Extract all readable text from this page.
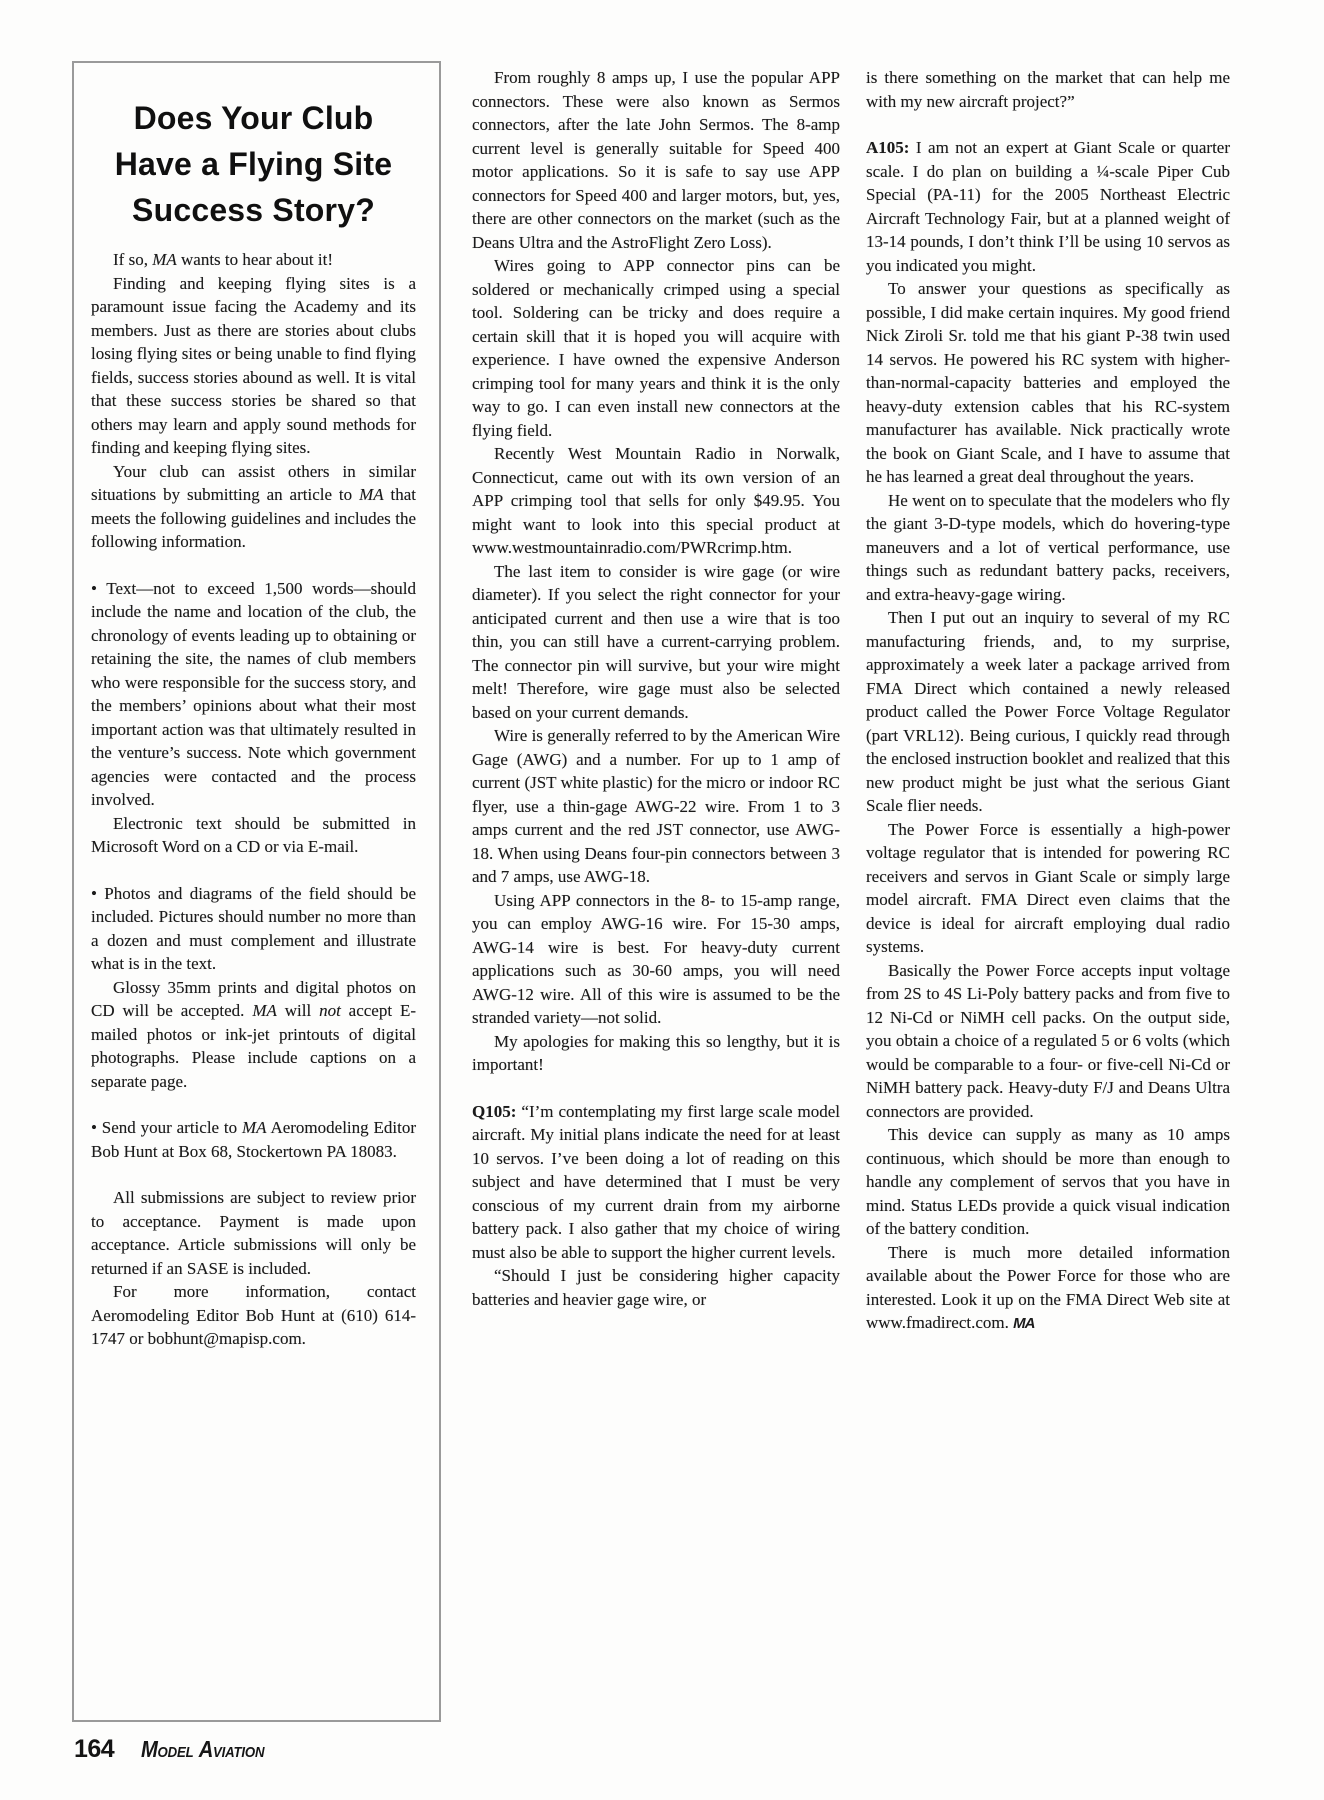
Does Your Club
Have a Flying Site
Success Story?

If so, MA wants to hear about it!

Finding and keeping flying sites is a paramount issue facing the Academy and its members. Just as there are stories about clubs losing flying sites or being unable to find flying fields, success stories abound as well. It is vital that these success stories be shared so that others may learn and apply sound methods for finding and keeping flying sites.

Your club can assist others in similar situations by submitting an article to MA that meets the following guidelines and includes the following information.

• Text—not to exceed 1,500 words—should include the name and location of the club, the chronology of events leading up to obtaining or retaining the site, the names of club members who were responsible for the success story, and the members’ opinions about what their most important action was that ultimately resulted in the venture’s success. Note which government agencies were contacted and the process involved.

Electronic text should be submitted in Microsoft Word on a CD or via E-mail.

• Photos and diagrams of the field should be included. Pictures should number no more than a dozen and must complement and illustrate what is in the text.

Glossy 35mm prints and digital photos on CD will be accepted. MA will not accept E-mailed photos or ink-jet printouts of digital photographs. Please include captions on a separate page.

• Send your article to MA Aeromodeling Editor Bob Hunt at Box 68, Stockertown PA 18083.

All submissions are subject to review prior to acceptance. Payment is made upon acceptance. Article submissions will only be returned if an SASE is included.

For more information, contact Aeromodeling Editor Bob Hunt at (610) 614-1747 or bobhunt@mapisp.com.

From roughly 8 amps up, I use the popular APP connectors. These were also known as Sermos connectors, after the late John Sermos. The 8-amp current level is generally suitable for Speed 400 motor applications. So it is safe to say use APP connectors for Speed 400 and larger motors, but, yes, there are other connectors on the market (such as the Deans Ultra and the AstroFlight Zero Loss).

Wires going to APP connector pins can be soldered or mechanically crimped using a special tool. Soldering can be tricky and does require a certain skill that it is hoped you will acquire with experience. I have owned the expensive Anderson crimping tool for many years and think it is the only way to go. I can even install new connectors at the flying field.

Recently West Mountain Radio in Norwalk, Connecticut, came out with its own version of an APP crimping tool that sells for only $49.95. You might want to look into this special product at www.westmountainradio.com/PWRcrimp.htm.

The last item to consider is wire gage (or wire diameter). If you select the right connector for your anticipated current and then use a wire that is too thin, you can still have a current-carrying problem. The connector pin will survive, but your wire might melt! Therefore, wire gage must also be selected based on your current demands.

Wire is generally referred to by the American Wire Gage (AWG) and a number. For up to 1 amp of current (JST white plastic) for the micro or indoor RC flyer, use a thin-gage AWG-22 wire. From 1 to 3 amps current and the red JST connector, use AWG-18. When using Deans four-pin connectors between 3 and 7 amps, use AWG-18.

Using APP connectors in the 8- to 15-amp range, you can employ AWG-16 wire. For 15-30 amps, AWG-14 wire is best. For heavy-duty current applications such as 30-60 amps, you will need AWG-12 wire. All of this wire is assumed to be the stranded variety—not solid.

My apologies for making this so lengthy, but it is important!

Q105: “I’m contemplating my first large scale model aircraft. My initial plans indicate the need for at least 10 servos. I’ve been doing a lot of reading on this subject and have determined that I must be very conscious of my current drain from my airborne battery pack. I also gather that my choice of wiring must also be able to support the higher current levels.

“Should I just be considering higher capacity batteries and heavier gage wire, or

is there something on the market that can help me with my new aircraft project?”

A105: I am not an expert at Giant Scale or quarter scale. I do plan on building a ¼-scale Piper Cub Special (PA-11) for the 2005 Northeast Electric Aircraft Technology Fair, but at a planned weight of 13-14 pounds, I don’t think I’ll be using 10 servos as you indicated you might.

To answer your questions as specifically as possible, I did make certain inquires. My good friend Nick Ziroli Sr. told me that his giant P-38 twin used 14 servos. He powered his RC system with higher-than-normal-capacity batteries and employed the heavy-duty extension cables that his RC-system manufacturer has available. Nick practically wrote the book on Giant Scale, and I have to assume that he has learned a great deal throughout the years.

He went on to speculate that the modelers who fly the giant 3-D-type models, which do hovering-type maneuvers and a lot of vertical performance, use things such as redundant battery packs, receivers, and extra-heavy-gage wiring.

Then I put out an inquiry to several of my RC manufacturing friends, and, to my surprise, approximately a week later a package arrived from FMA Direct which contained a newly released product called the Power Force Voltage Regulator (part VRL12). Being curious, I quickly read through the enclosed instruction booklet and realized that this new product might be just what the serious Giant Scale flier needs.

The Power Force is essentially a high-power voltage regulator that is intended for powering RC receivers and servos in Giant Scale or simply large model aircraft. FMA Direct even claims that the device is ideal for aircraft employing dual radio systems.

Basically the Power Force accepts input voltage from 2S to 4S Li-Poly battery packs and from five to 12 Ni-Cd or NiMH cell packs. On the output side, you obtain a choice of a regulated 5 or 6 volts (which would be comparable to a four- or five-cell Ni-Cd or NiMH battery pack. Heavy-duty F/J and Deans Ultra connectors are provided.

This device can supply as many as 10 amps continuous, which should be more than enough to handle any complement of servos that you have in mind. Status LEDs provide a quick visual indication of the battery condition.

There is much more detailed information available about the Power Force for those who are interested. Look it up on the FMA Direct Web site at www.fmadirect.com. MA

164 MODEL AVIATION
